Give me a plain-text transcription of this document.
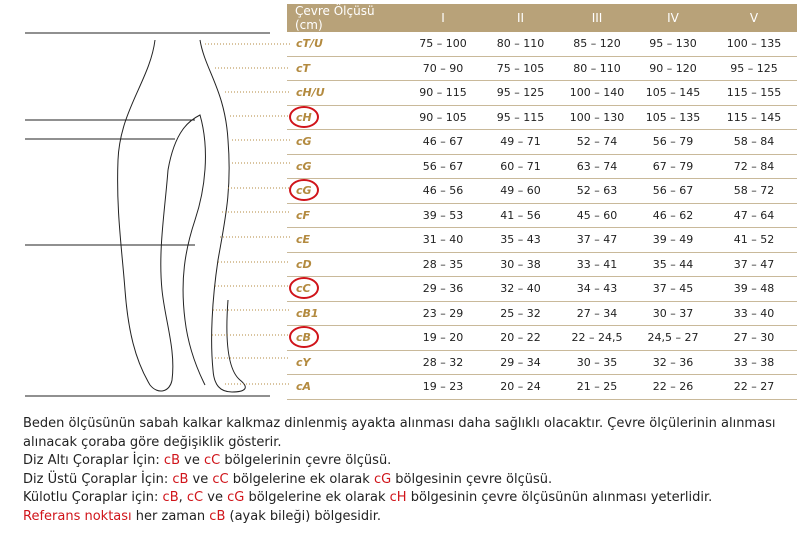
Çevre Ölçüsü (cm)	I	II	III	IV	V
cT/U	75 – 100	80 – 110	85 – 120	95 – 130	100 – 135
cT	70 – 90	75 – 105	80 – 110	90 – 120	95 – 125
cH/U	90 – 115	95 – 125	100 – 140	105 – 145	115 – 155
cH	90 – 105	95 – 115	100 – 130	105 – 135	115 – 145
cG	46 – 67	49 – 71	52 – 74	56 – 79	58 – 84
cG	56 – 67	60 – 71	63 – 74	67 – 79	72 – 84
cG	46 – 56	49 – 60	52 – 63	56 – 67	58 – 72
cF	39 – 53	41 – 56	45 – 60	46 – 62	47 – 64
cE	31 – 40	35 – 43	37 – 47	39 – 49	41 – 52
cD	28 – 35	30 – 38	33 – 41	35 – 44	37 – 47
cC	29 – 36	32 – 40	34 – 43	37 – 45	39 – 48
cB1	23 – 29	25 – 32	27 – 34	30 – 37	33 – 40
cB	19 – 20	20 – 22	22 – 24,5	24,5 – 27	27 – 30
cY	28 – 32	29 – 34	30 – 35	32 – 36	33 – 38
cA	19 – 23	20 – 24	21 – 25	22 – 26	22 – 27

Beden ölçüsünün sabah kalkar kalkmaz dinlenmiş ayakta alınması daha sağlıklı olacaktır. Çevre ölçülerinin alınması alınacak çoraba göre değişiklik gösterir.

Diz Altı Çoraplar İçin: cB ve cC bölgelerinin çevre ölçüsü.

Diz Üstü Çoraplar İçin: cB ve cC bölgelerine ek olarak cG bölgesinin çevre ölçüsü.

Külotlu Çoraplar için: cB, cC ve cG bölgelerine ek olarak cH bölgesinin çevre ölçüsünün alınması yeterlidir.

Referans noktası her zaman cB (ayak bileği) bölgesidir.
